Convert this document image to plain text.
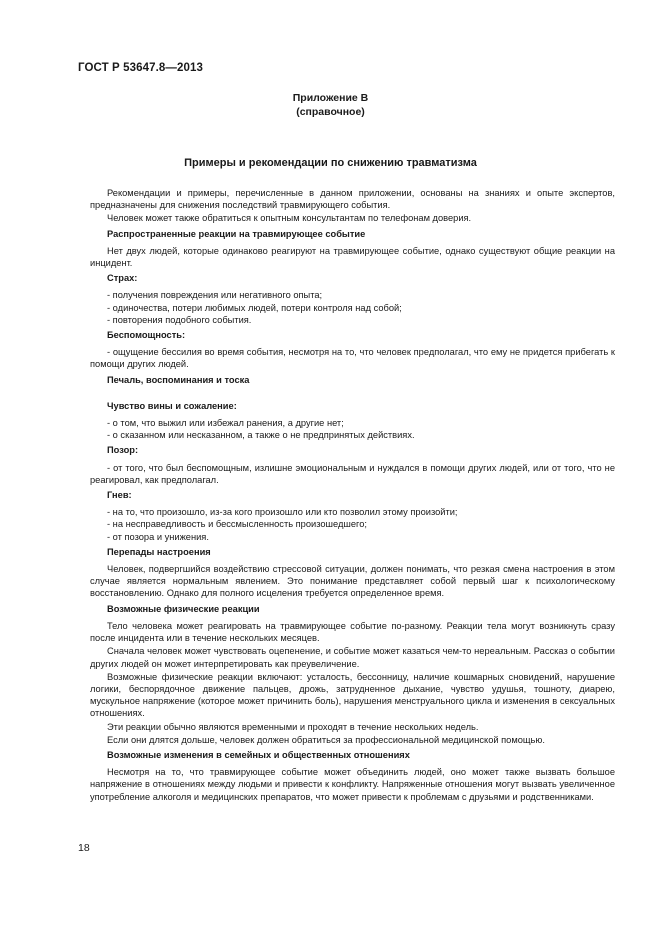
ГОСТ Р 53647.8—2013
Приложение В
(справочное)
Примеры и рекомендации по снижению травматизма

Рекомендации и примеры, перечисленные в данном приложении, основаны на знаниях и опыте экспертов, предназначены для снижения последствий травмирующего события.

Человек может также обратиться к опытным консультантам по телефонам доверия.

Распространенные реакции на травмирующее событие

Нет двух людей, которые одинаково реагируют на травмирующее событие, однако существуют общие реакции на инцидент.

Страх:

- получения повреждения или негативного опыта;

- одиночества, потери любимых людей, потери контроля над собой;

- повторения подобного события.

Беспомощность:

- ощущение бессилия во время события, несмотря на то, что человек предполагал, что ему не придется прибегать к помощи других людей.

Печаль, воспоминания и тоска
Чувство вины и сожаление:

- о том, что выжил или избежал ранения, а другие нет;

- о сказанном или несказанном, а также о не предпринятых действиях.

Позор:

- от того, что был беспомощным, излишне эмоциональным и нуждался в помощи других людей, или от того, что не реагировал, как предполагал.

Гнев:

- на то, что произошло, из-за кого произошло или кто позволил этому произойти;

- на несправедливость и бессмысленность произошедшего;

- от позора и унижения.

Перепады настроения

Человек, подвергшийся воздействию стрессовой ситуации, должен понимать, что резкая смена настроения в этом случае является нормальным явлением. Это понимание представляет собой первый шаг к психологическому восстановлению. Однако для полного исцеления требуется определенное время.

Возможные физические реакции

Тело человека может реагировать на травмирующее событие по-разному. Реакции тела могут возникнуть сразу после инцидента или в течение нескольких месяцев.

Сначала человек может чувствовать оцепенение, и событие может казаться чем-то нереальным. Рассказ о событии других людей он может интерпретировать как преувеличение.

Возможные физические реакции включают: усталость, бессонницу, наличие кошмарных сновидений, нарушение логики, беспорядочное движение пальцев, дрожь, затрудненное дыхание, чувство удушья, тошноту, диарею, мускульное напряжение (которое может причинить боль), нарушения менструального цикла и изменения в сексуальных отношениях.

Эти реакции обычно являются временными и проходят в течение нескольких недель.

Если они длятся дольше, человек должен обратиться за профессиональной медицинской помощью.

Возможные изменения в семейных и общественных отношениях

Несмотря на то, что травмирующее событие может объединить людей, оно может также вызвать большое напряжение в отношениях между людьми и привести к конфликту. Напряженные отношения могут вызвать увеличенное употребление алкоголя и медицинских препаратов, что может привести к проблемам с друзьями и родственниками.

18
